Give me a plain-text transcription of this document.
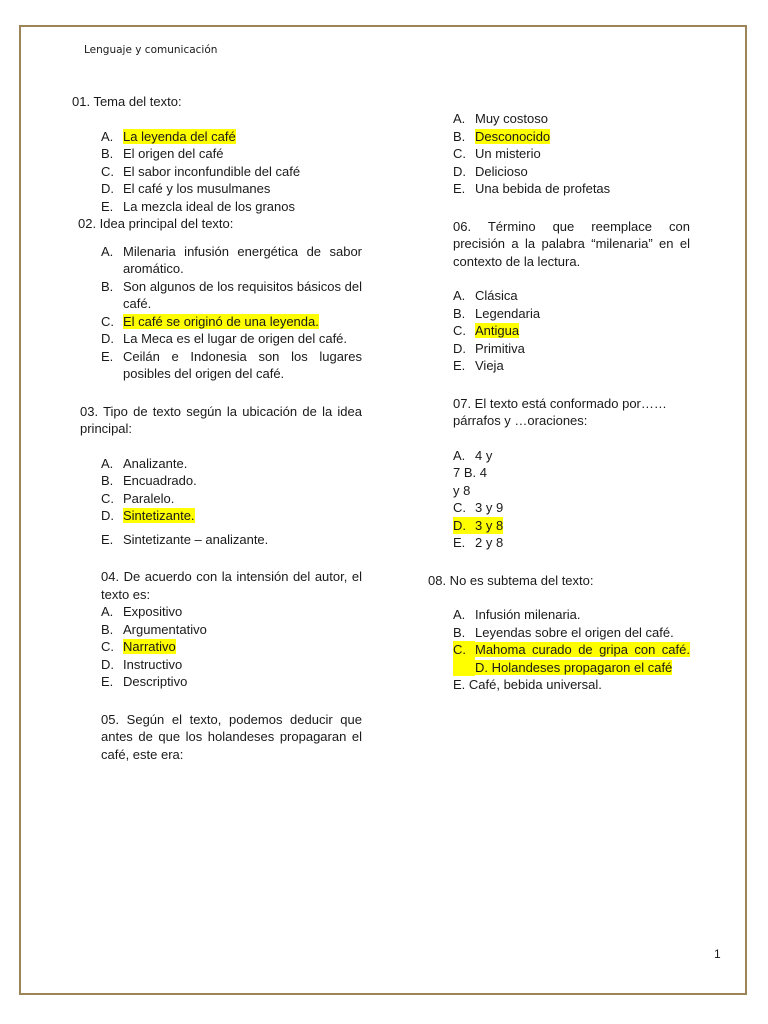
Lenguaje y comunicación
01. Tema del texto:
A. La leyenda del café
B. El origen del café
C. El sabor inconfundible del café
D. El café y los musulmanes
E. La mezcla ideal de los granos
02. Idea principal del texto:
A. Milenaria infusión energética de sabor aromático.
B. Son algunos de los requisitos básicos del café.
C. El café se originó de una leyenda.
D. La Meca es el lugar de origen del café.
E. Ceilán e Indonesia son los lugares posibles del origen del café.
03. Tipo de texto según la ubicación de la idea principal:
A. Analizante.
B. Encuadrado.
C. Paralelo.
D. Sintetizante.
E. Sintetizante – analizante.
04. De acuerdo con la intensión del autor, el texto es:
A. Expositivo
B. Argumentativo
C. Narrativo
D. Instructivo
E. Descriptivo
05. Según el texto, podemos deducir que antes de que los holandeses propagaran el café, este era:
A. Muy costoso
B. Desconocido
C. Un misterio
D. Delicioso
E. Una bebida de profetas
06. Término que reemplace con precisión a la palabra “milenaria” en el contexto de la lectura.
A. Clásica
B. Legendaria
C. Antigua
D. Primitiva
E. Vieja
07. El texto está conformado por…… párrafos y …oraciones:
A. 4 y
7 B. 4
y 8
C. 3 y 9
D. 3 y 8
E. 2 y 8
08. No es subtema del texto:
A. Infusión milenaria.
B. Leyendas sobre el origen del café.
C. Mahoma curado de gripa con café. D. Holandeses propagaron el café
E. Café, bebida universal.
1
